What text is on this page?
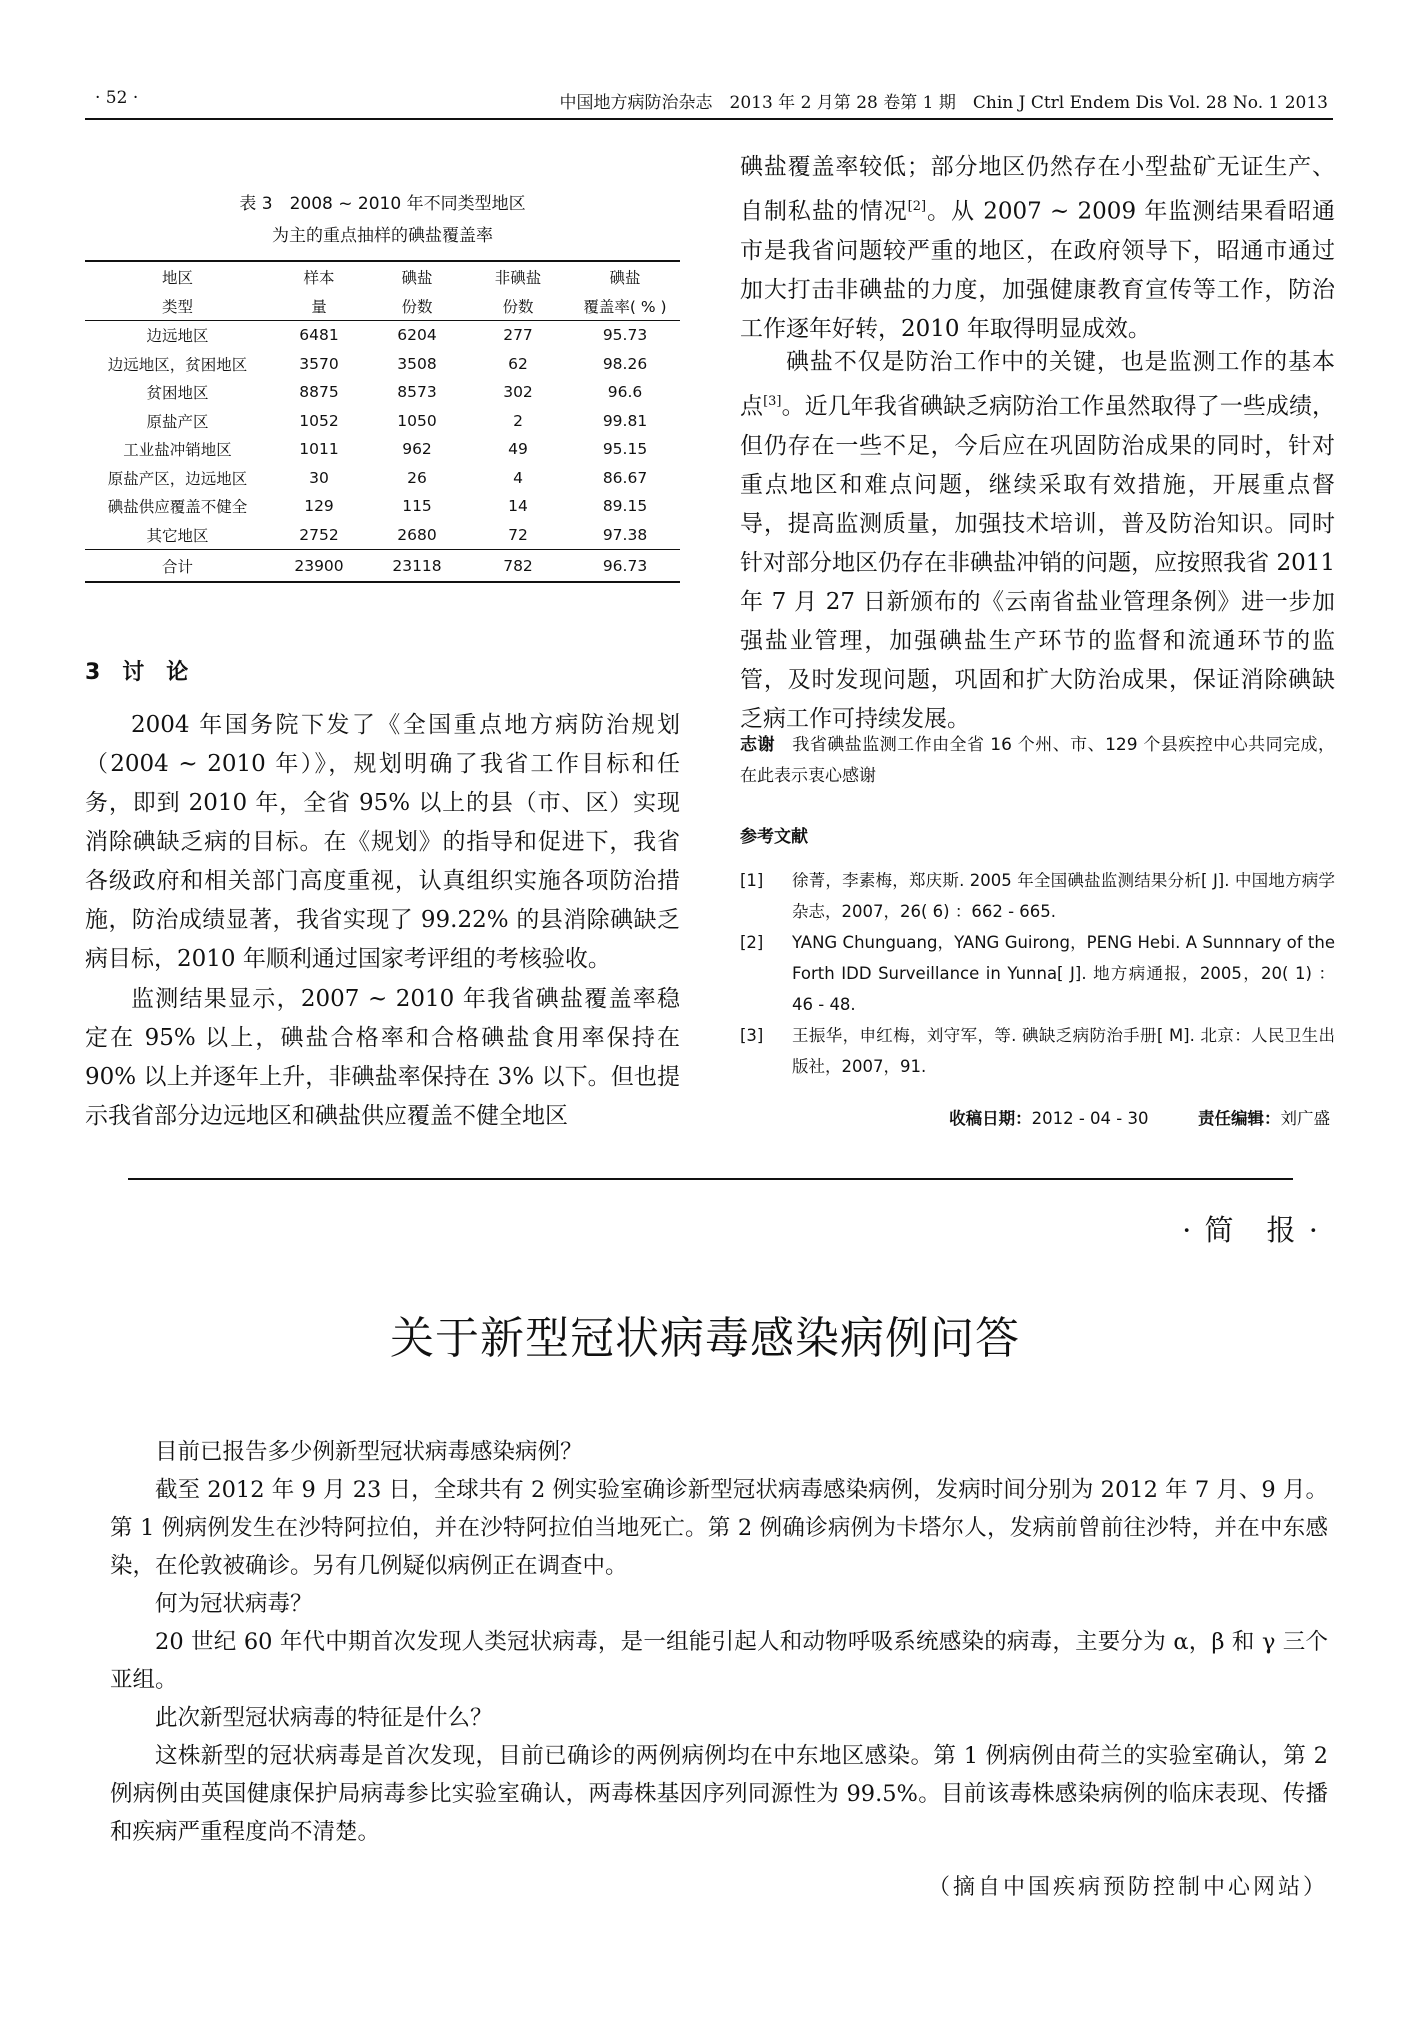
· 52 ·	中国地方病防治杂志　2013 年 2 月第 28 卷第 1 期　Chin J Ctrl Endem Dis Vol. 28 No. 1 2013
表 3　2008 ~ 2010 年不同类型地区
为主的重点抽样的碘盐覆盖率
地区	样本	碘盐	非碘盐	碘盐
类型	量	份数	份数	覆盖率( % )
边远地区	6481	6204	277	95.73
边远地区，贫困地区	3570	3508	62	98.26
贫困地区	8875	8573	302	96.6
原盐产区	1052	1050	2	99.81
工业盐冲销地区	1011	962	49	95.15
原盐产区，边远地区	30	26	4	86.67
碘盐供应覆盖不健全	129	115	14	89.15
其它地区	2752	2680	72	97.38
合计	23900	23118	782	96.73
3　讨　论
2004 年国务院下发了《全国重点地方病防治规划（2004 ~ 2010 年）》，规划明确了我省工作目标和任务，即到 2010 年，全省 95% 以上的县（市、区）实现消除碘缺乏病的目标。在《规划》的指导和促进下，我省各级政府和相关部门高度重视，认真组织实施各项防治措施，防治成绩显著，我省实现了 99.22% 的县消除碘缺乏病目标，2010 年顺利通过国家考评组的考核验收。
监测结果显示，2007 ~ 2010 年我省碘盐覆盖率稳定在 95% 以上，碘盐合格率和合格碘盐食用率保持在 90% 以上并逐年上升，非碘盐率保持在 3% 以下。但也提示我省部分边远地区和碘盐供应覆盖不健全地区
碘盐覆盖率较低；部分地区仍然存在小型盐矿无证生产、自制私盐的情况[2]。从 2007 ~ 2009 年监测结果看昭通市是我省问题较严重的地区，在政府领导下，昭通市通过加大打击非碘盐的力度，加强健康教育宣传等工作，防治工作逐年好转，2010 年取得明显成效。
碘盐不仅是防治工作中的关键，也是监测工作的基本点[3]。近几年我省碘缺乏病防治工作虽然取得了一些成绩，但仍存在一些不足，今后应在巩固防治成果的同时，针对重点地区和难点问题，继续采取有效措施，开展重点督导，提高监测质量，加强技术培训，普及防治知识。同时针对部分地区仍存在非碘盐冲销的问题，应按照我省 2011 年 7 月 27 日新颁布的《云南省盐业管理条例》进一步加强盐业管理，加强碘盐生产环节的监督和流通环节的监管，及时发现问题，巩固和扩大防治成果，保证消除碘缺乏病工作可持续发展。
志谢　 我省碘盐监测工作由全省 16 个州、市、129 个县疾控中心共同完成，在此表示衷心感谢
参考文献
[1]	徐菁，李素梅，郑庆斯. 2005 年全国碘盐监测结果分析[ J]. 中国地方病学杂志，2007，26( 6) ：662 - 665.
[2]	YANG Chunguang，YANG Guirong，PENG Hebi. A Sunnnary of the Forth IDD Surveillance in Yunna[ J]. 地方病通报，2005，20( 1) ：46 - 48.
[3]	王振华，申红梅，刘守军，等. 碘缺乏病防治手册[ M]. 北京：人民卫生出版社，2007，91.
收稿日期：2012 - 04 - 30　　　	责任编辑：刘广盛
· 简　报 ·
关于新型冠状病毒感染病例问答

目前已报告多少例新型冠状病毒感染病例？

截至 2012 年 9 月 23 日，全球共有 2 例实验室确诊新型冠状病毒感染病例，发病时间分别为 2012 年 7 月、9 月。第 1 例病例发生在沙特阿拉伯，并在沙特阿拉伯当地死亡。第 2 例确诊病例为卡塔尔人，发病前曾前往沙特，并在中东感染，在伦敦被确诊。另有几例疑似病例正在调查中。

何为冠状病毒？

20 世纪 60 年代中期首次发现人类冠状病毒，是一组能引起人和动物呼吸系统感染的病毒，主要分为 α，β 和 γ 三个亚组。

此次新型冠状病毒的特征是什么？

这株新型的冠状病毒是首次发现，目前已确诊的两例病例均在中东地区感染。第 1 例病例由荷兰的实验室确认，第 2 例病例由英国健康保护局病毒参比实验室确认，两毒株基因序列同源性为 99.5%。目前该毒株感染病例的临床表现、传播和疾病严重程度尚不清楚。

（摘自中国疾病预防控制中心网站）
